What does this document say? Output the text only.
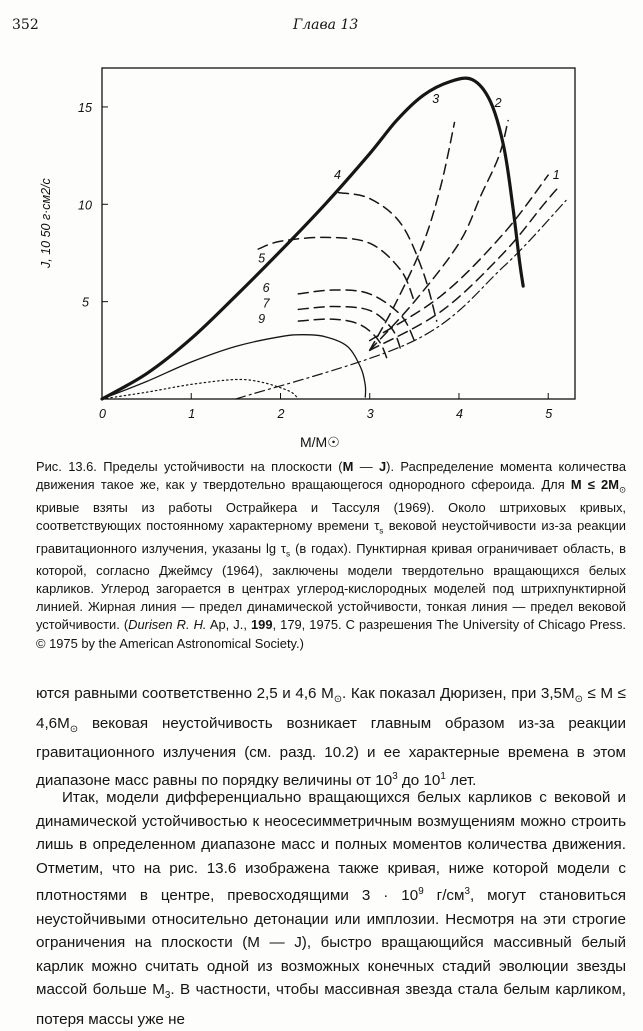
352	Глава 13
0	1	2	3	4	5
5
10
15
3	2
1
4
5
6
7
9
M/M☉
J, 10 50 г·см2/с

Рис. 13.6. Пределы устойчивости на плоскости (M — J). Распределение момента количества движения такое же, как у твердотельно вращающегося однородного сфероида. Для $M \le 2M_⊙$ кривые взяты из работы Острайкера и Тассуля (1969). Около штриховых кривых, соответствующих постоянному характерному времени $\tau_s$ вековой неустойчивости из-за реакции гравитационного излучения, указаны $\lg \tau_s$ (в годах). Пунктирная кривая ограничивает область, в которой, согласно Джеймсу (1964), заключены модели твердотельно вращающихся белых карликов. Углерод загорается в центрах углерод-кислородных моделей под штрихпунктирной линией. Жирная линия — предел динамической устойчивости, тонкая линия — предел вековой устойчивости. (Durisen R. H. Ap, J., 199, 179, 1975. С разрешения The University of Chicago Press. © 1975 by the American Astronomical Society.)

ются равными соответственно 2,5 и 4,6 $M_⊙$. Как показал Дюризен, при $3,5M_⊙ \le M \le 4,6M_⊙$ вековая неустойчивость возникает главным образом из-за реакции гравитационного излучения (см. разд. 10.2) и ее характерные времена в этом диапазоне масс равны по порядку величины от $10^3$ до $10^1$ лет.

Итак, модели дифференциально вращающихся белых карликов с вековой и динамической устойчивостью к неосесимметричным возмущениям можно строить лишь в определенном диапазоне масс и полных моментов количества движения. Отметим, что на рис. 13.6 изображена также кривая, ниже которой модели с плотностями в центре, превосходящими $3 \cdot 10^9$ $г/см^3$, могут становиться неустойчивыми относительно детонации или имплозии. Несмотря на эти строгие ограничения на плоскости (M — J), быстро вращающийся массивный белый карлик можно считать одной из возможных конечных стадий эволюции звезды массой больше $M_3$. В частности, чтобы массивная звезда стала белым карликом, потеря массы уже не
